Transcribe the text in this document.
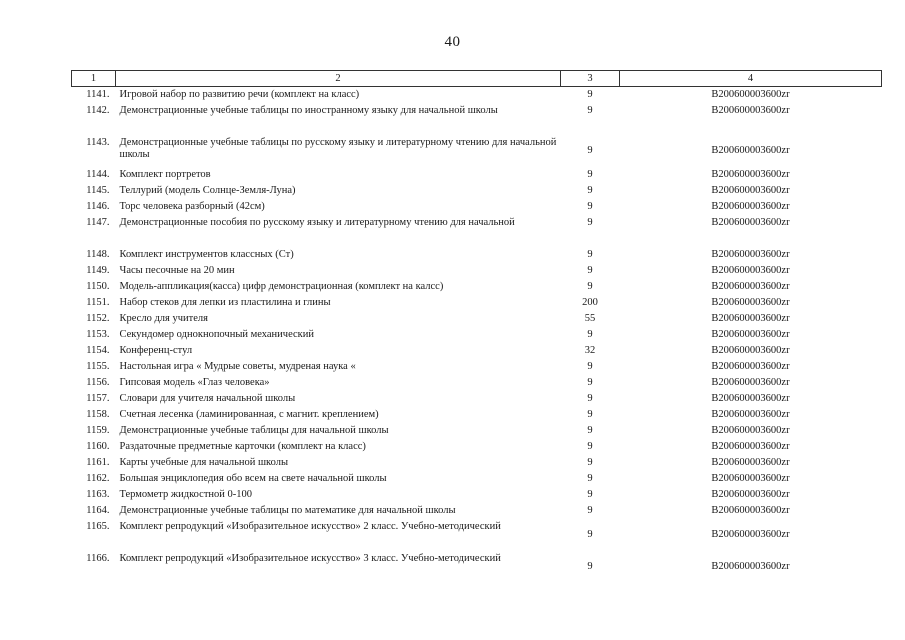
40
1	2	3	4
1141.	Игровой набор по развитию речи (комплект на класс)	9	B200600003600zr
1142.	Демонстрационные учебные таблицы по иностранному языку для начальной школы	9	B200600003600zr
1143.	Демонстрационные учебные таблицы по русскому языку и литературному чтению для начальной школы	9	B200600003600zr
1144.	Комплект портретов	9	B200600003600zr
1145.	Теллурий (модель Солнце-Земля-Луна)	9	B200600003600zr
1146.	Торс человека разборный (42см)	9	B200600003600zr
1147.	Демонстрационные пособия по русскому языку и литературному чтению для начальной	9	B200600003600zr
1148.	Комплект инструментов классных (Ст)	9	B200600003600zr
1149.	Часы песочные на 20 мин	9	B200600003600zr
1150.	Модель-аппликация(касса) цифр демонстрационная (комплект на калсс)	9	B200600003600zr
1151.	Набор стеков для лепки из пластилина и глины	200	B200600003600zr
1152.	Кресло для учителя	55	B200600003600zr
1153.	Секундомер однокнопочный механический	9	B200600003600zr
1154.	Конференц-стул	32	B200600003600zr
1155.	Настольная игра « Мудрые советы, мудреная наука «	9	B200600003600zr
1156.	Гипсовая модель «Глаз человека»	9	B200600003600zr
1157.	Словари для учителя начальной школы	9	B200600003600zr
1158.	Счетная лесенка (ламинированная, с магнит. креплением)	9	B200600003600zr
1159.	Демонстрационные учебные таблицы для начальной школы	9	B200600003600zr
1160.	Раздаточные предметные карточки (комплект на класс)	9	B200600003600zr
1161.	Карты учебные для начальной школы	9	B200600003600zr
1162.	Большая энциклопедия обо всем на свете начальной школы	9	B200600003600zr
1163.	Термометр жидкостной 0-100	9	B200600003600zr
1164.	Демонстрационные учебные таблицы по математике для начальной школы	9	B200600003600zr
1165.	Комплект репродукций «Изобразительное искусство» 2 класс. Учебно-методический	9	B200600003600zr
1166.	Комплект репродукций «Изобразительное искусство» 3 класс. Учебно-методический	9	B200600003600zr
